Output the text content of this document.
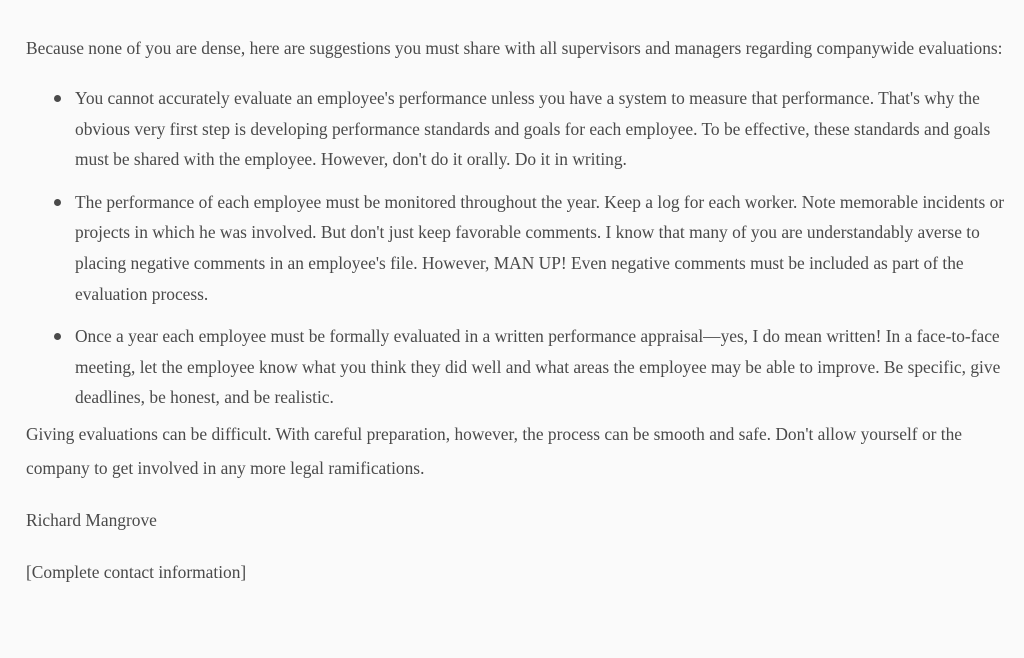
Because none of you are dense, here are suggestions you must share with all supervisors and managers regarding companywide evaluations:

You cannot accurately evaluate an employee's performance unless you have a system to measure that performance. That's why the obvious very first step is developing performance standards and goals for each employee. To be effective, these standards and goals must be shared with the employee. However, don't do it orally. Do it in writing.
The performance of each employee must be monitored throughout the year. Keep a log for each worker. Note memorable incidents or projects in which he was involved. But don't just keep favorable comments. I know that many of you are understandably averse to placing negative comments in an employee's file. However, MAN UP! Even negative comments must be included as part of the evaluation process.
Once a year each employee must be formally evaluated in a written performance appraisal—yes, I do mean written! In a face-to-face meeting, let the employee know what you think they did well and what areas the employee may be able to improve. Be specific, give deadlines, be honest, and be realistic.

Giving evaluations can be difficult. With careful preparation, however, the process can be smooth and safe. Don't allow yourself or the company to get involved in any more legal ramifications.

Richard Mangrove

[Complete contact information]
